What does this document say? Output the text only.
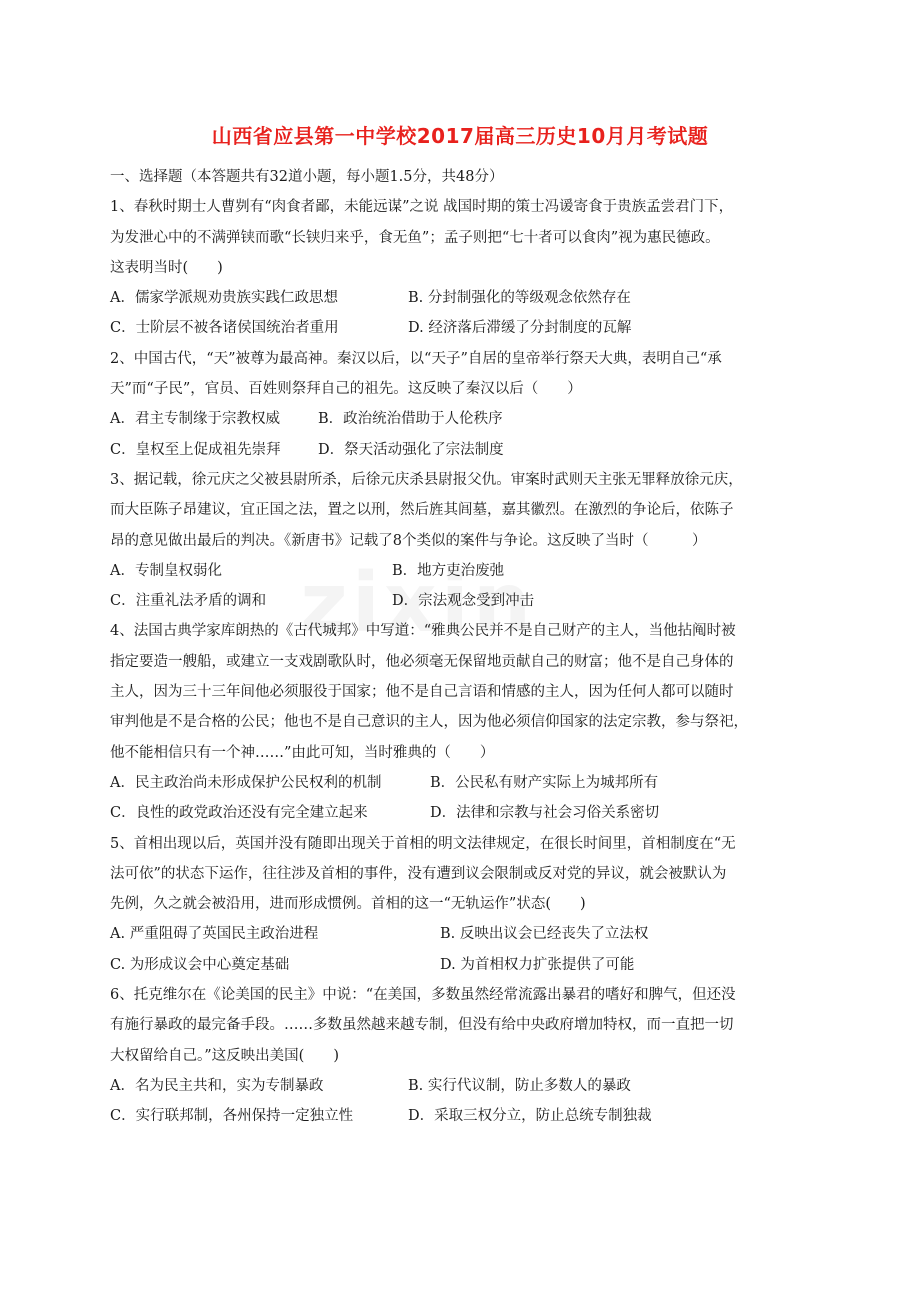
山西省应县第一中学校2017届高三历史10月月考试题
一、选择题（本答题共有32道小题，每小题1.5分，共48分）
1、春秋时期士人曹刿有“肉食者鄙，未能远谋”之说 战国时期的策士冯谖寄食于贵族孟尝君门下，
为发泄心中的不满弹铗而歌“长铗归来乎，食无鱼”；孟子则把“七十者可以食肉”视为惠民德政。
这表明当时(　　)
A．儒家学派规劝贵族实践仁政思想	B. 分封制强化的等级观念依然存在
C．士阶层不被各诸侯国统治者重用	D. 经济落后滞缓了分封制度的瓦解
2、中国古代，“天”被尊为最高神。秦汉以后，以“天子”自居的皇帝举行祭天大典，表明自己“承
天”而“子民”，官员、百姓则祭拜自己的祖先。这反映了秦汉以后（　　）
A．君主专制缘于宗教权威	B．政治统治借助于人伦秩序
C．皇权至上促成祖先崇拜	D．祭天活动强化了宗法制度
3、据记载，徐元庆之父被县尉所杀，后徐元庆杀县尉报父仇。审案时武则天主张无罪释放徐元庆，
而大臣陈子昂建议，宜正国之法，置之以刑，然后旌其闾墓，嘉其徽烈。在激烈的争论后，依陈子
昂的意见做出最后的判决。《新唐书》记载了8个类似的案件与争论。这反映了当时（　　　）
A．专制皇权弱化	B．地方吏治废弛
C．注重礼法矛盾的调和	D．宗法观念受到冲击
4、法国古典学家库朗热的《古代城邦》中写道：“雅典公民并不是自己财产的主人，当他拈阄时被
指定要造一艘船，或建立一支戏剧歌队时，他必须毫无保留地贡献自己的财富；他不是自己身体的
主人，因为三十三年间他必须服役于国家；他不是自己言语和情感的主人，因为任何人都可以随时
审判他是不是合格的公民；他也不是自己意识的主人，因为他必须信仰国家的法定宗教，参与祭祀，
他不能相信只有一个神……”由此可知，当时雅典的（　　）
A．民主政治尚未形成保护公民权利的机制	B．公民私有财产实际上为城邦所有
C．良性的政党政治还没有完全建立起来	D．法律和宗教与社会习俗关系密切
5、首相出现以后，英国并没有随即出现关于首相的明文法律规定，在很长时间里，首相制度在“无
法可依”的状态下运作，往往涉及首相的事件，没有遭到议会限制或反对党的异议，就会被默认为
先例，久之就会被沿用，进而形成惯例。首相的这一“无轨运作”状态(　　)
A. 严重阻碍了英国民主政治进程	B. 反映出议会已经丧失了立法权
C. 为形成议会中心奠定基础	D. 为首相权力扩张提供了可能
6、托克维尔在《论美国的民主》中说：“在美国，多数虽然经常流露出暴君的嗜好和脾气，但还没
有施行暴政的最完备手段。……多数虽然越来越专制，但没有给中央政府增加特权，而一直把一切
大权留给自己。”这反映出美国(　　)
A．名为民主共和，实为专制暴政	B. 实行代议制，防止多数人的暴政
C．实行联邦制，各州保持一定独立性	D．采取三权分立，防止总统专制独裁
